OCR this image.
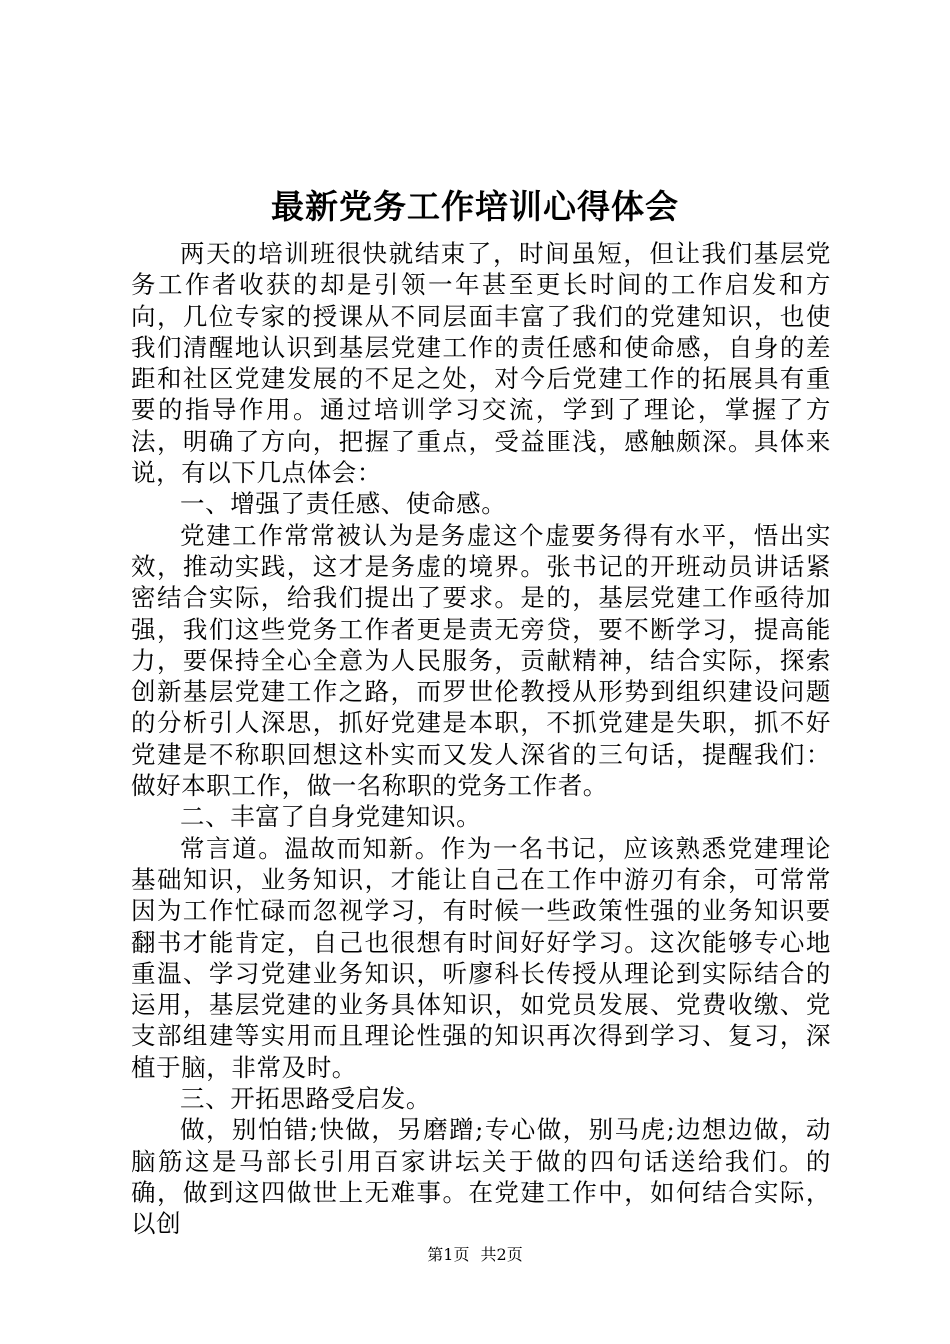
最新党务工作培训心得体会

两天的培训班很快就结束了，时间虽短，但让我们基层党务工作者收获的却是引领一年甚至更长时间的工作启发和方向，几位专家的授课从不同层面丰富了我们的党建知识，也使我们清醒地认识到基层党建工作的责任感和使命感，自身的差距和社区党建发展的不足之处，对今后党建工作的拓展具有重要的指导作用。通过培训学习交流，学到了理论，掌握了方法，明确了方向，把握了重点，受益匪浅，感触颇深。具体来说，有以下几点体会：

一、增强了责任感、使命感。

党建工作常常被认为是务虚这个虚要务得有水平，悟出实效，推动实践，这才是务虚的境界。张书记的开班动员讲话紧密结合实际，给我们提出了要求。是的，基层党建工作亟待加强，我们这些党务工作者更是责无旁贷，要不断学习，提高能力，要保持全心全意为人民服务，贡献精神，结合实际，探索创新基层党建工作之路，而罗世伦教授从形势到组织建设问题的分析引人深思，抓好党建是本职，不抓党建是失职，抓不好党建是不称职回想这朴实而又发人深省的三句话，提醒我们：做好本职工作，做一名称职的党务工作者。

二、丰富了自身党建知识。

常言道。温故而知新。作为一名书记，应该熟悉党建理论基础知识，业务知识，才能让自己在工作中游刃有余，可常常因为工作忙碌而忽视学习，有时候一些政策性强的业务知识要翻书才能肯定，自己也很想有时间好好学习。这次能够专心地重温、学习党建业务知识，听廖科长传授从理论到实际结合的运用，基层党建的业务具体知识，如党员发展、党费收缴、党支部组建等实用而且理论性强的知识再次得到学习、复习，深植于脑，非常及时。

三、开拓思路受启发。

做，别怕错;快做，另磨蹭;专心做，别马虎;边想边做，动脑筋这是马部长引用百家讲坛关于做的四句话送给我们。的确，做到这四做世上无难事。在党建工作中，如何结合实际，以创

第1页 共2页
